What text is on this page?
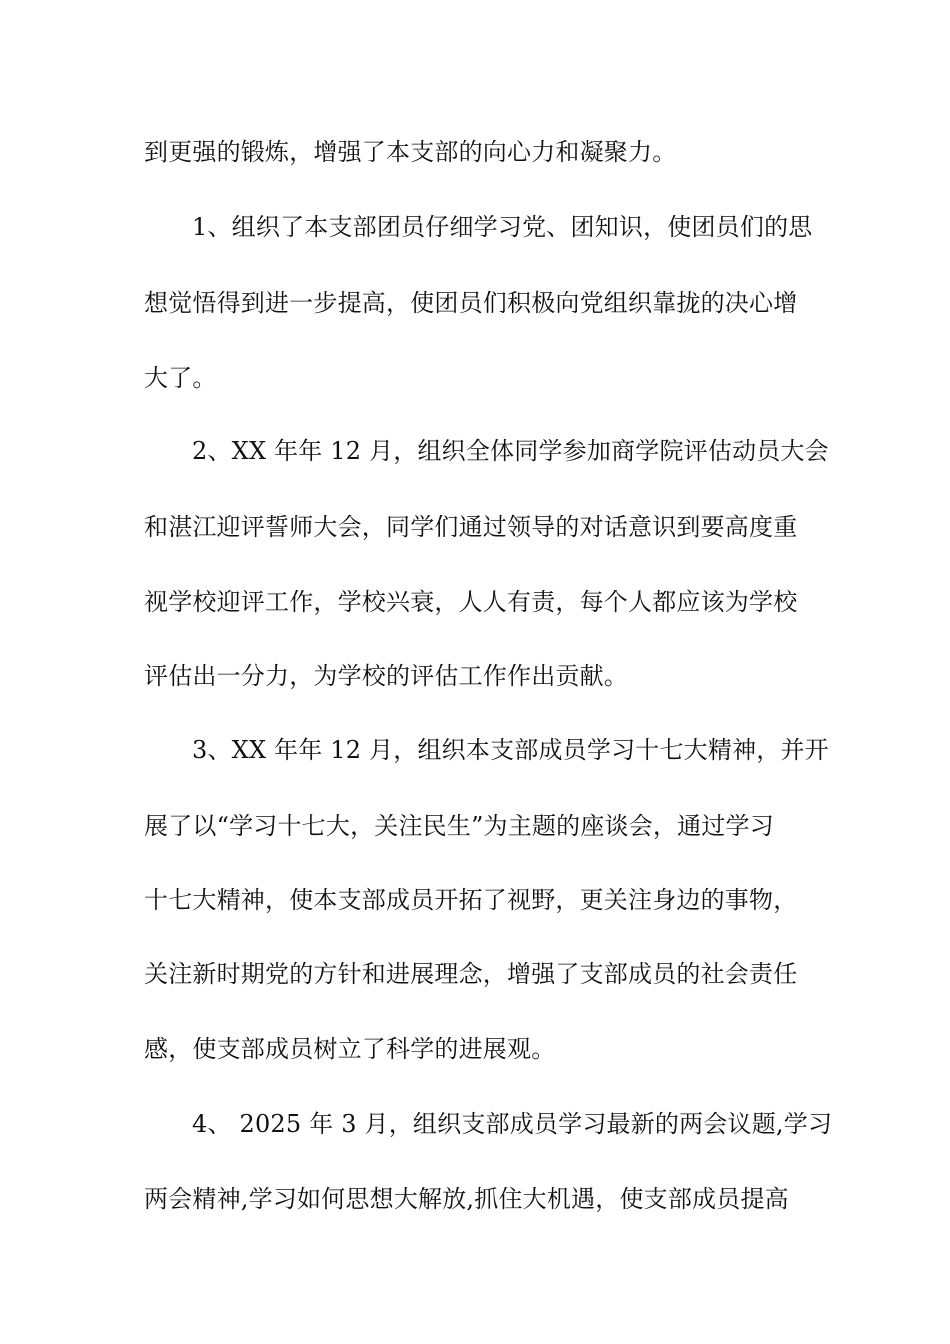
到更强的锻炼，增强了本支部的向心力和凝聚力。
1、组织了本支部团员仔细学习党、团知识，使团员们的思
想觉悟得到进一步提高，使团员们积极向党组织靠拢的决心增
大了。
2、XX 年年 12 月，组织全体同学参加商学院评估动员大会
和湛江迎评誓师大会，同学们通过领导的对话意识到要高度重
视学校迎评工作，学校兴衰，人人有责，每个人都应该为学校
评估出一分力，为学校的评估工作作出贡献。
3、XX 年年 12 月，组织本支部成员学习十七大精神，并开
展了以“学习十七大，关注民生”为主题的座谈会，通过学习
十七大精神，使本支部成员开拓了视野，更关注身边的事物，
关注新时期党的方针和进展理念，增强了支部成员的社会责任
感，使支部成员树立了科学的进展观。
4、 2025 年 3 月，组织支部成员学习最新的两会议题,学习
两会精神,学习如何思想大解放,抓住大机遇，使支部成员提高
